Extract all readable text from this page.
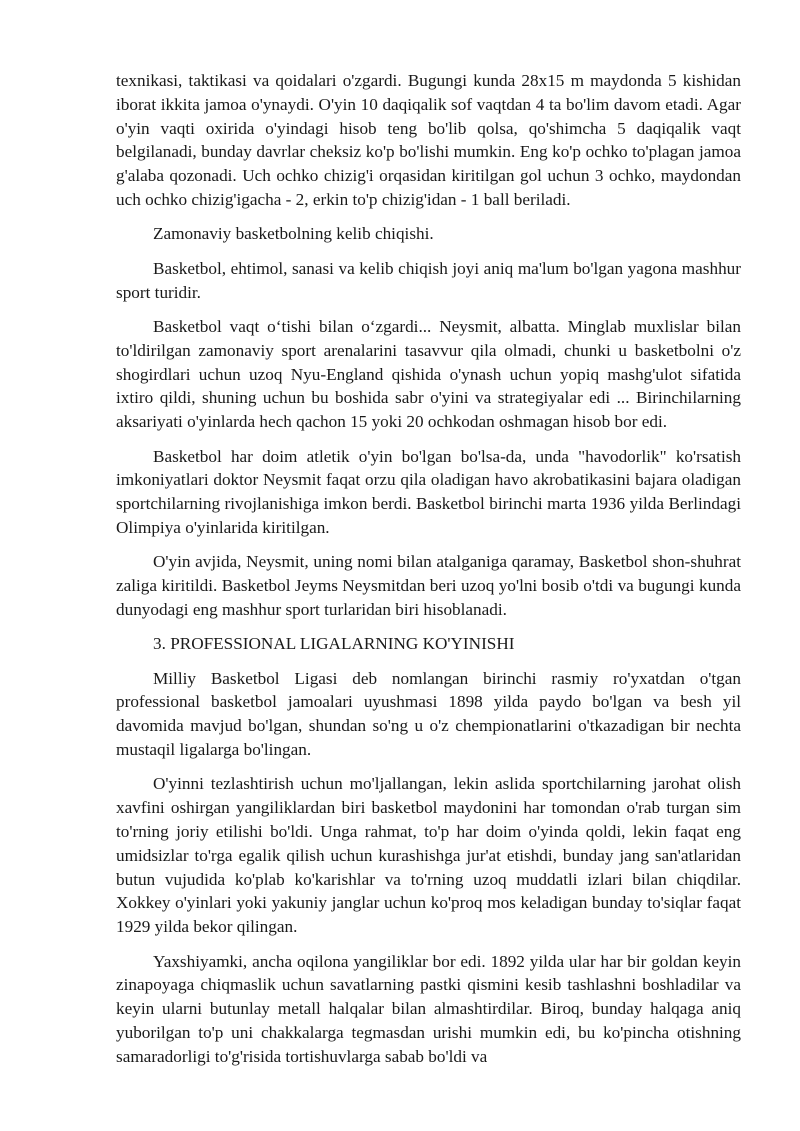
texnikasi, taktikasi va qoidalari o'zgardi. Bugungi kunda 28x15 m maydonda 5 kishidan iborat ikkita jamoa o'ynaydi. O'yin 10 daqiqalik sof vaqtdan 4 ta bo'lim davom etadi. Agar o'yin vaqti oxirida o'yindagi hisob teng bo'lib qolsa, qo'shimcha 5 daqiqalik vaqt belgilanadi, bunday davrlar cheksiz ko'p bo'lishi mumkin. Eng ko'p ochko to'plagan jamoa g'alaba qozonadi. Uch ochko chizig'i orqasidan kiritilgan gol uchun 3 ochko, maydondan uch ochko chizig'igacha - 2, erkin to'p chizig'idan - 1 ball beriladi.

Zamonaviy basketbolning kelib chiqishi.

Basketbol, ehtimol, sanasi va kelib chiqish joyi aniq ma'lum bo'lgan yagona mashhur sport turidir.

Basketbol vaqt o‘tishi bilan o‘zgardi... Neysmit, albatta. Minglab muxlislar bilan to'ldirilgan zamonaviy sport arenalarini tasavvur qila olmadi, chunki u basketbolni o'z shogirdlari uchun uzoq Nyu-England qishida o'ynash uchun yopiq mashg'ulot sifatida ixtiro qildi, shuning uchun bu boshida sabr o'yini va strategiyalar edi ... Birinchilarning aksariyati o'yinlarda hech qachon 15 yoki 20 ochkodan oshmagan hisob bor edi.

Basketbol har doim atletik o'yin bo'lgan bo'lsa-da, unda "havodorlik" ko'rsatish imkoniyatlari doktor Neysmit faqat orzu qila oladigan havo akrobatikasini bajara oladigan sportchilarning rivojlanishiga imkon berdi. Basketbol birinchi marta 1936 yilda Berlindagi Olimpiya o'yinlarida kiritilgan.

O'yin avjida, Neysmit, uning nomi bilan atalganiga qaramay, Basketbol shon-shuhrat zaliga kiritildi. Basketbol Jeyms Neysmitdan beri uzoq yo'lni bosib o'tdi va bugungi kunda dunyodagi eng mashhur sport turlaridan biri hisoblanadi.

3. PROFESSIONAL LIGALARNING KO'YINISHI

Milliy Basketbol Ligasi deb nomlangan birinchi rasmiy ro'yxatdan o'tgan professional basketbol jamoalari uyushmasi 1898 yilda paydo bo'lgan va besh yil davomida mavjud bo'lgan, shundan so'ng u o'z chempionatlarini o'tkazadigan bir nechta mustaqil ligalarga bo'lingan.

O'yinni tezlashtirish uchun mo'ljallangan, lekin aslida sportchilarning jarohat olish xavfini oshirgan yangiliklardan biri basketbol maydonini har tomondan o'rab turgan sim to'rning joriy etilishi bo'ldi. Unga rahmat, to'p har doim o'yinda qoldi, lekin faqat eng umidsizlar to'rga egalik qilish uchun kurashishga jur'at etishdi, bunday jang san'atlaridan butun vujudida ko'plab ko'karishlar va to'rning uzoq muddatli izlari bilan chiqdilar. Xokkey o'yinlari yoki yakuniy janglar uchun ko'proq mos keladigan bunday to'siqlar faqat 1929 yilda bekor qilingan.

Yaxshiyamki, ancha oqilona yangiliklar bor edi. 1892 yilda ular har bir goldan keyin zinapoyaga chiqmaslik uchun savatlarning pastki qismini kesib tashlashni boshladilar va keyin ularni butunlay metall halqalar bilan almashtirdilar. Biroq, bunday halqaga aniq yuborilgan to'p uni chakkalarga tegmasdan urishi mumkin edi, bu ko'pincha otishning samaradorligi to'g'risida tortishuvlarga sabab bo'ldi va
